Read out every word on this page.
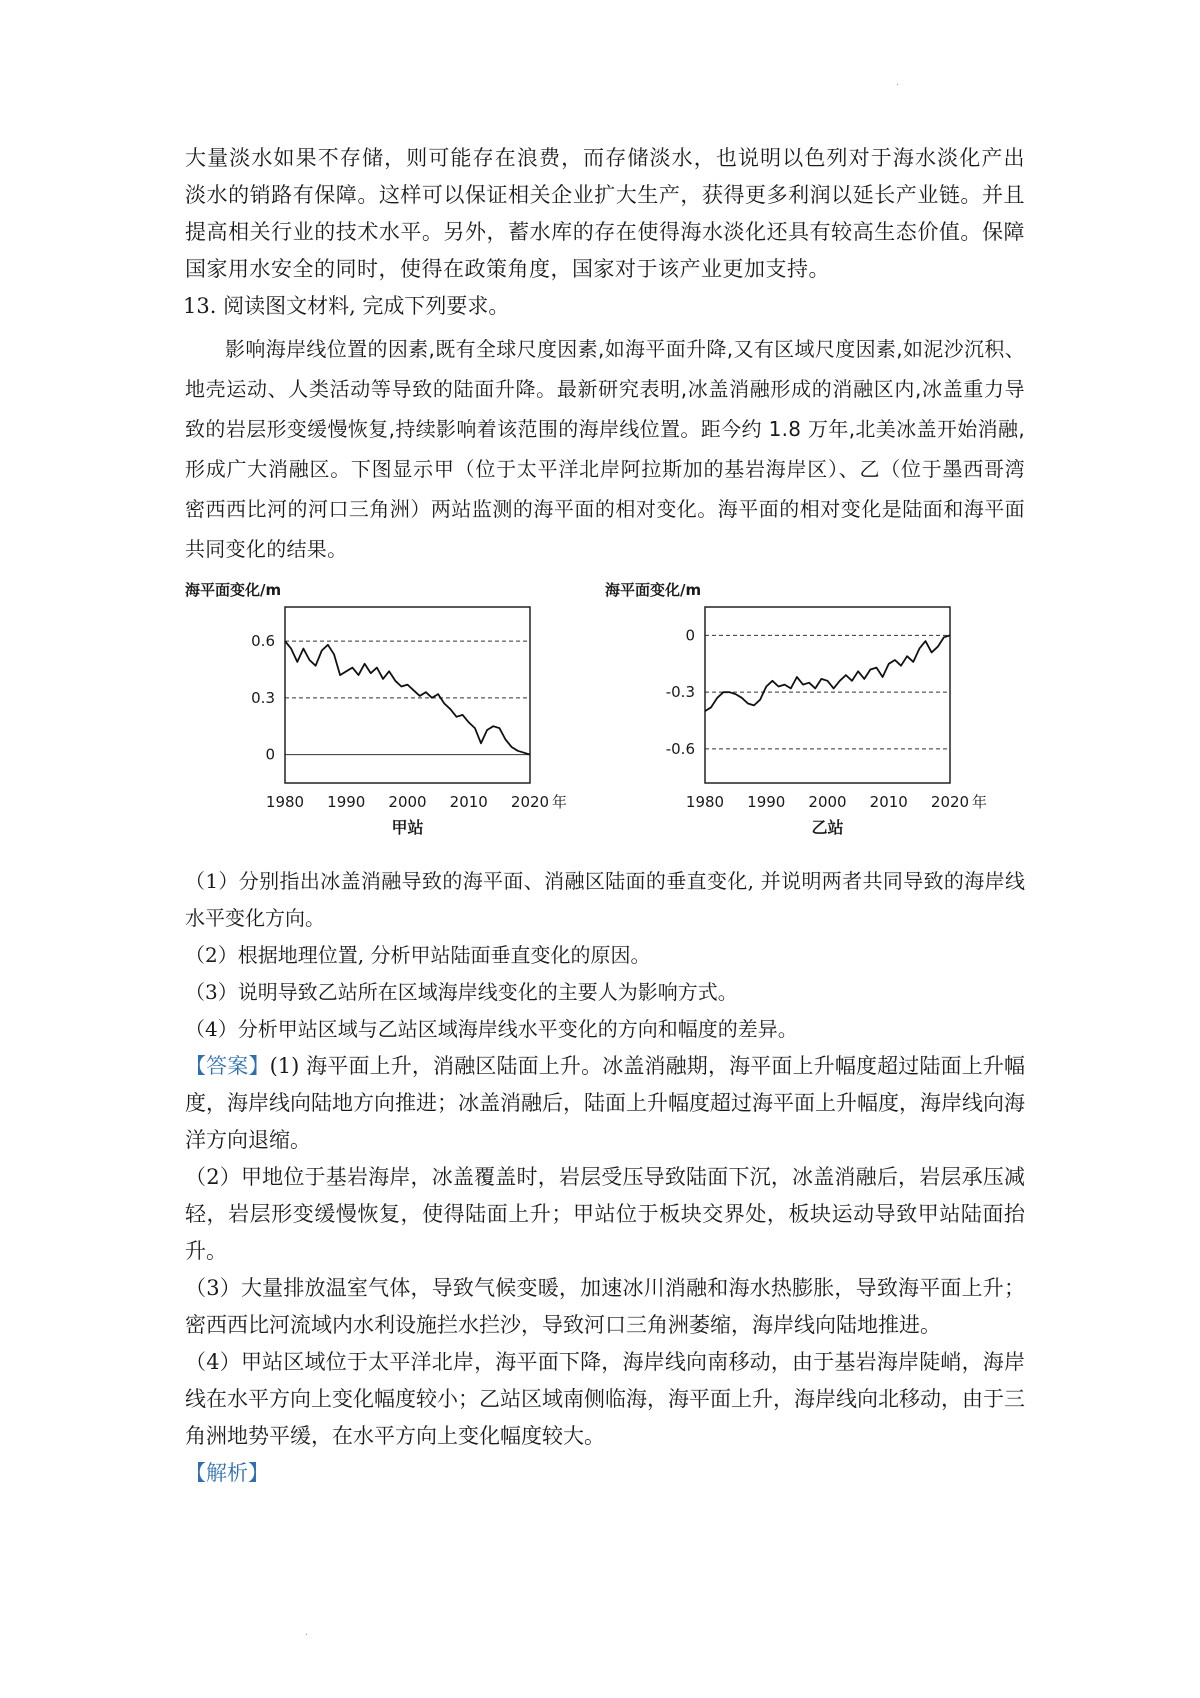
·

大量淡水如果不存储，则可能存在浪费，而存储淡水，也说明以色列对于海水淡化产出 淡水的销路有保障。这样可以保证相关企业扩大生产，获得更多利润以延长产业链。并且提高相关行业的技术水平。另外，蓄水库的存在使得海水淡化还具有较高生态价值。保障国家用水安全的同时，使得在政策角度，国家对于该产业更加支持。

13. 阅读图文材料, 完成下列要求。

影响海岸线位置的因素,既有全球尺度因素,如海平面升降,又有区域尺度因素,如泥沙沉积、地壳运动、人类活动等导致的陆面升降。最新研究表明,冰盖消融形成的消融区内,冰盖重力导致的岩层形变缓慢恢复,持续影响着该范围的海岸线位置。距今约 1.8 万年,北美冰盖开始消融,形成广大消融区。下图显示甲（位于太平洋北岸阿拉斯加的基岩海岸区）、乙（位于墨西哥湾密西西比河的河口三角洲）两站监测的海平面的相对变化。海平面的相对变化是陆面和海平面共同变化的结果。

海平面变化/m
0.6
0.3
0
1980 1990 2000 2010 2020 年
甲站
海平面变化/m
0
-0.3
-0.6
1980 1990 2000 2010 2020 年
乙站

（1）分别指出冰盖消融导致的海平面、消融区陆面的垂直变化, 并说明两者共同导致的海岸线水平变化方向。

（2）根据地理位置, 分析甲站陆面垂直变化的原因。

（3）说明导致乙站所在区域海岸线变化的主要人为影响方式。

（4）分析甲站区域与乙站区域海岸线水平变化的方向和幅度的差异。

【答案】(1) 海平面上升，消融区陆面上升。冰盖消融期，海平面上升幅度超过陆面上升幅度，海岸线向陆地方向推进；冰盖消融后，陆面上升幅度超过海平面上升幅度，海岸线向海洋方向退缩。

（2）甲地位于基岩海岸，冰盖覆盖时，岩层受压导致陆面下沉，冰盖消融后，岩层承压减轻，岩层形变缓慢恢复，使得陆面上升；甲站位于板块交界处，板块运动导致甲站陆面抬升。

（3）大量排放温室气体，导致气候变暖，加速冰川消融和海水热膨胀，导致海平面上升；密西西比河流域内水利设施拦水拦沙，导致河口三角洲萎缩，海岸线向陆地推进。

（4）甲站区域位于太平洋北岸，海平面下降，海岸线向南移动，由于基岩海岸陡峭，海岸线在水平方向上变化幅度较小；乙站区域南侧临海，海平面上升，海岸线向北移动，由于三角洲地势平缓，在水平方向上变化幅度较大。

【解析】

·
